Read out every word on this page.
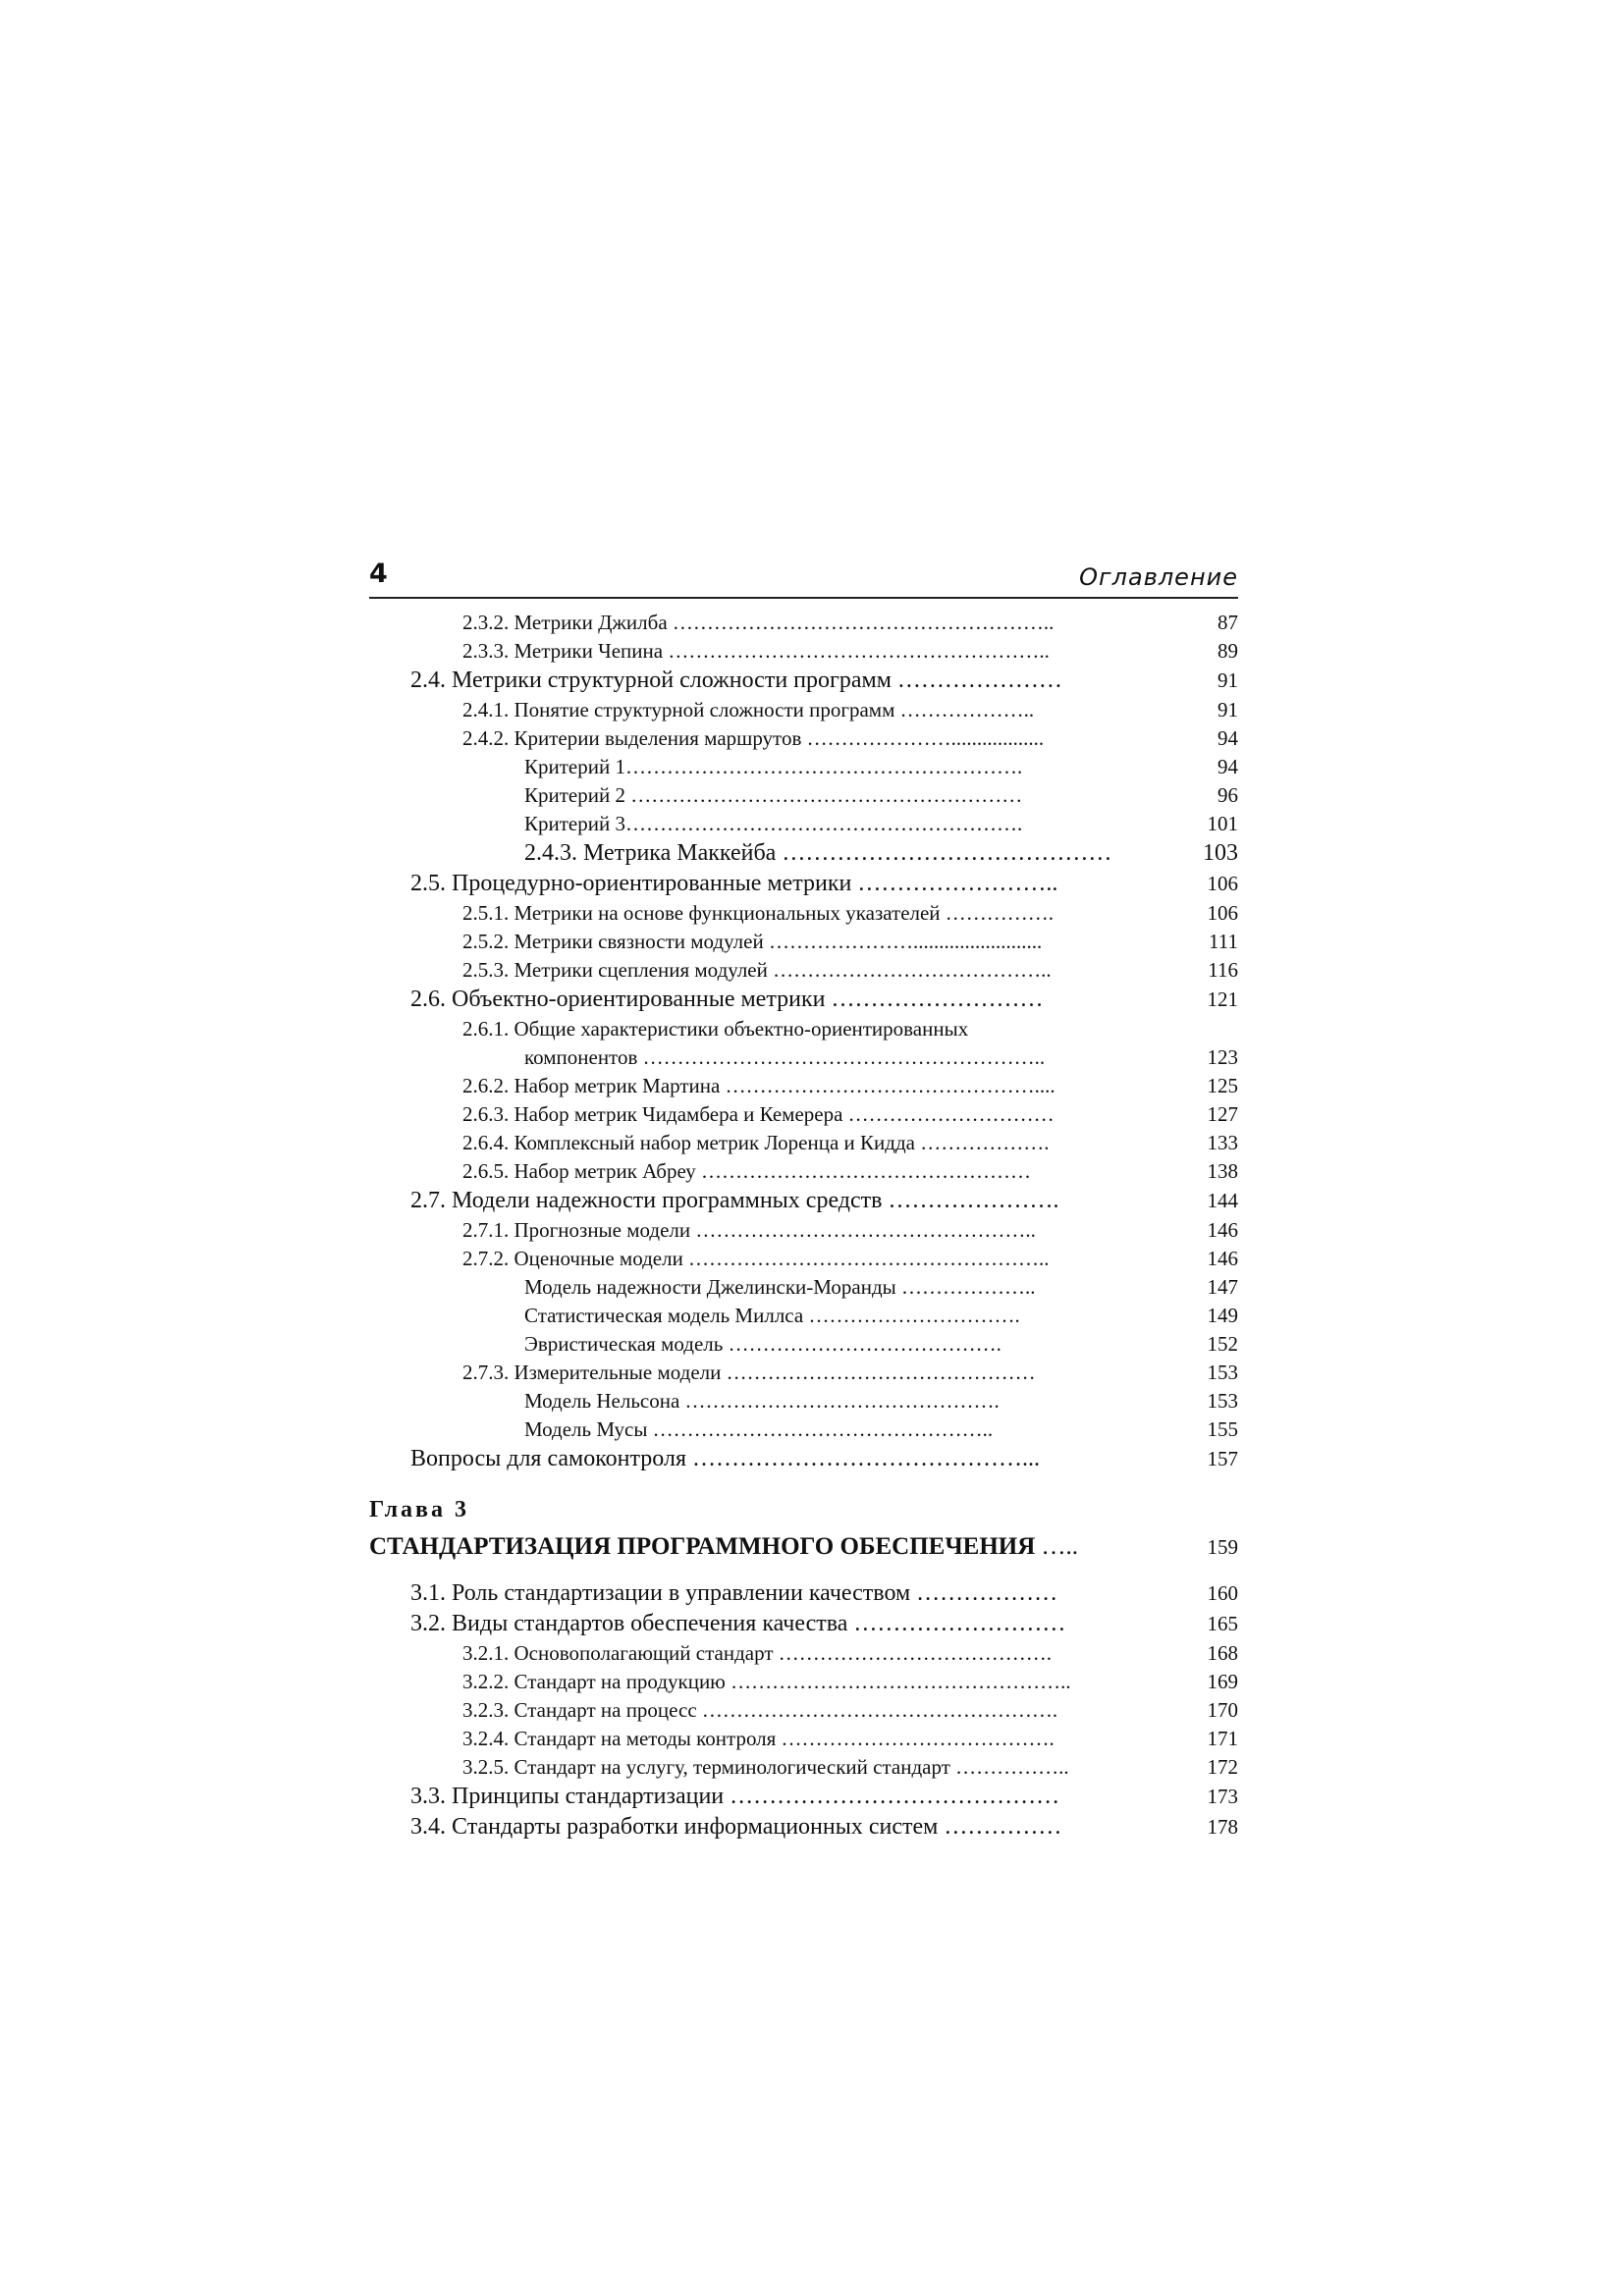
4	Оглавление
2.3.2. Метрики Джилба ………………………………………………..	87
2.3.3. Метрики Чепина ………………………………………………..	89
2.4. Метрики структурной сложности программ …………………	91
2.4.1. Понятие структурной сложности программ ………………..	91
2.4.2. Критерии выделения маршрутов …………………..................	94
Критерий 1………………………………………………….	94
Критерий 2 …………………………………………………	96
Критерий 3………………………………………………….	101
2.4.3. Метрика Маккейба ……………………………………	103
2.5. Процедурно-ориентированные метрики ……………………..	106
2.5.1. Метрики на основе функциональных указателей …………….	106
2.5.2. Метрики связности модулей ………………….........................	111
2.5.3. Метрики сцепления модулей …………………………………..	116
2.6. Объектно-ориентированные метрики ………………………	121
2.6.1. Общие характеристики объектно-ориентированных
компонентов …………………………………………………..	123
2.6.2. Набор метрик Мартина ………………………………………....	125
2.6.3. Набор метрик Чидамбера и Кемерера …………………………	127
2.6.4. Комплексный набор метрик Лоренца и Кидда ……………….	133
2.6.5. Набор метрик Абреу …………………………………………	138
2.7. Модели надежности программных средств ………………….	144
2.7.1. Прогнозные модели …………………………………………..	146
2.7.2. Оценочные модели ……………………………………………..	146
Модель надежности Джелински-Моранды ………………..	147
Статистическая модель Миллса ………………………….	149
Эвристическая модель ………………………………….	152
2.7.3. Измерительные модели ………………………………………	153
Модель Нельсона ……………………………………….	153
Модель Мусы …………………………………………..	155
Вопросы для самоконтроля ……………………………………...	157
Глава 3
СТАНДАРТИЗАЦИЯ ПРОГРАММНОГО ОБЕСПЕЧЕНИЯ …..	159
3.1. Роль стандартизации в управлении качеством ………………	160
3.2. Виды стандартов обеспечения качества ………………………	165
3.2.1. Основополагающий стандарт ………………………………….	168
3.2.2. Стандарт на продукцию …………………………………………..	169
3.2.3. Стандарт на процесс …………………………………………….	170
3.2.4. Стандарт на методы контроля ………………………………….	171
3.2.5. Стандарт на услугу, терминологический стандарт ……………..	172
3.3. Принципы стандартизации ……………………………………	173
3.4. Стандарты разработки информационных систем ……………	178
